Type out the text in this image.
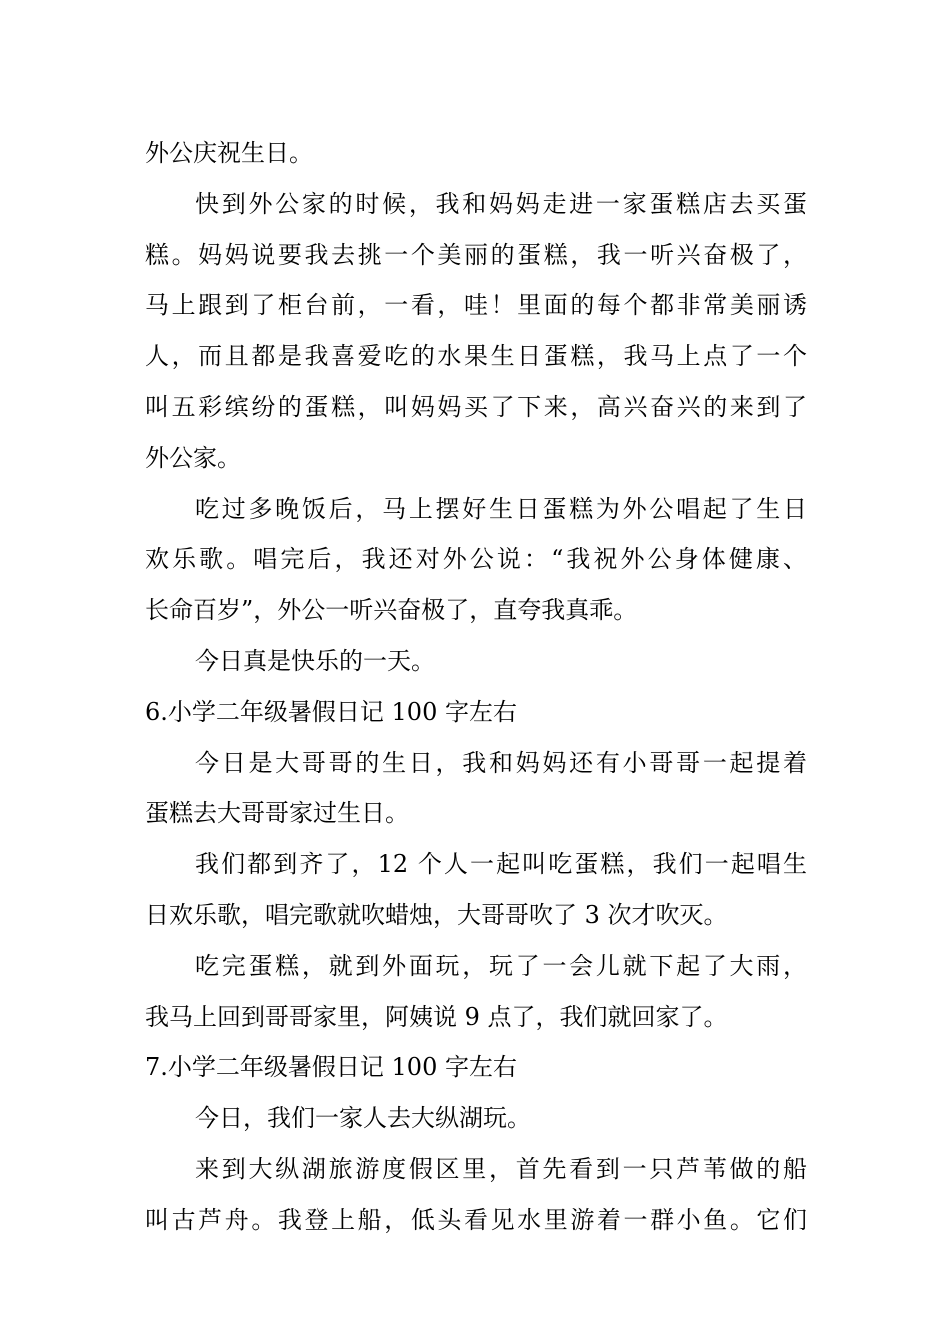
外公庆祝生日。
快到外公家的时候，我和妈妈走进一家蛋糕店去买蛋
糕。妈妈说要我去挑一个美丽的蛋糕，我一听兴奋极了，
马上跟到了柜台前，一看，哇！里面的每个都非常美丽诱
人，而且都是我喜爱吃的水果生日蛋糕，我马上点了一个
叫五彩缤纷的蛋糕，叫妈妈买了下来，高兴奋兴的来到了
外公家。
吃过多晚饭后，马上摆好生日蛋糕为外公唱起了生日
欢乐歌。唱完后，我还对外公说：“我祝外公身体健康、
长命百岁”，外公一听兴奋极了，直夸我真乖。
今日真是快乐的一天。
6.小学二年级暑假日记 100 字左右
今日是大哥哥的生日，我和妈妈还有小哥哥一起提着
蛋糕去大哥哥家过生日。
我们都到齐了，12 个人一起叫吃蛋糕，我们一起唱生
日欢乐歌，唱完歌就吹蜡烛，大哥哥吹了 3 次才吹灭。
吃完蛋糕，就到外面玩，玩了一会儿就下起了大雨，
我马上回到哥哥家里，阿姨说 9 点了，我们就回家了。
7.小学二年级暑假日记 100 字左右
今日，我们一家人去大纵湖玩。
来到大纵湖旅游度假区里，首先看到一只芦苇做的船
叫古芦舟。我登上船，低头看见水里游着一群小鱼。它们
